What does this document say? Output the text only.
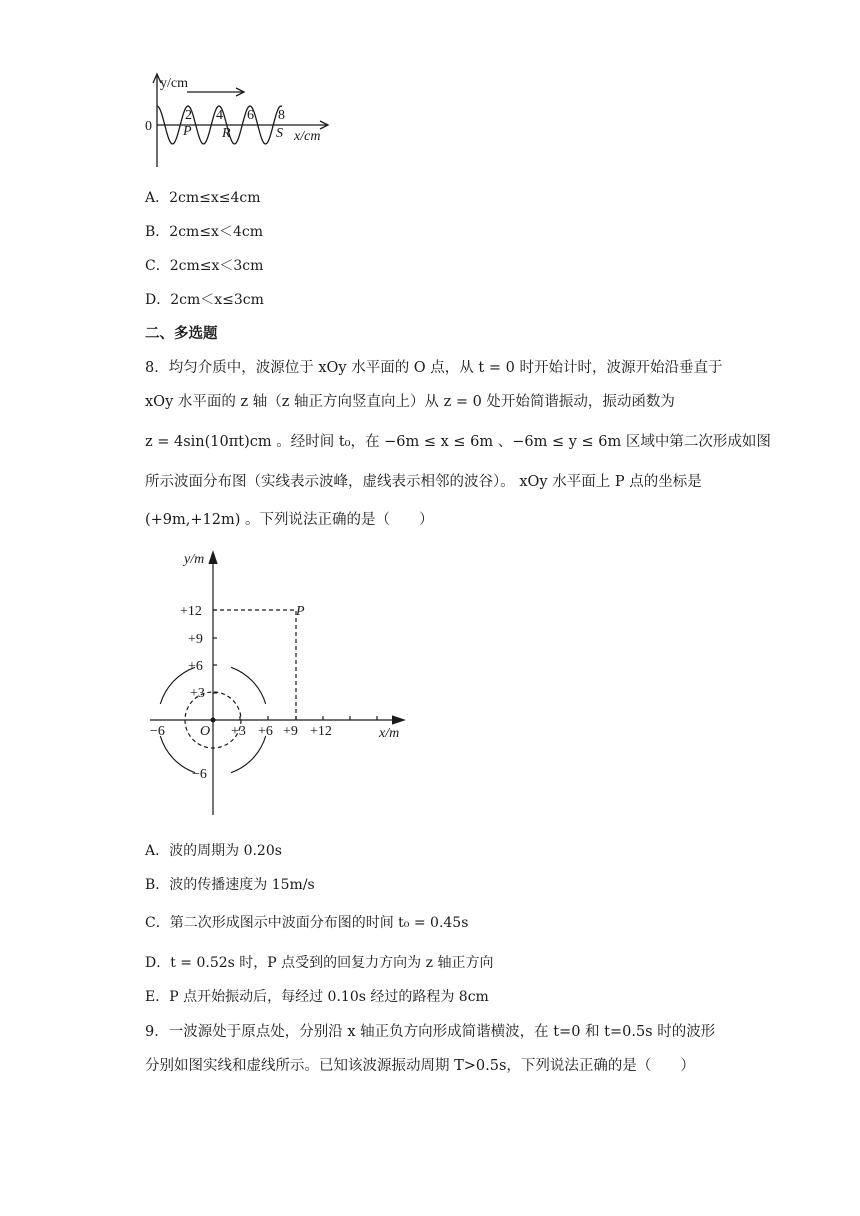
y/cm
x/cm
0
2 4 6 8
P R	S
A．2cm≤x≤4cm
B．2cm≤x＜4cm
C．2cm≤x＜3cm
D．2cm＜x≤3cm
二、多选题
8．均匀介质中，波源位于 xOy 水平面的 O 点，从 t = 0 时开始计时，波源开始沿垂直于
xOy 水平面的 z 轴（z 轴正方向竖直向上）从 z = 0 处开始简谐振动，振动函数为
z = 4sin(10πt)cm 。经时间 t₀，在 −6m ≤ x ≤ 6m 、−6m ≤ y ≤ 6m 区域中第二次形成如图
所示波面分布图（实线表示波峰，虚线表示相邻的波谷）。 xOy 水平面上 P 点的坐标是
(+9m,+12m) 。下列说法正确的是（　　）
y/m
x/m
O
+12
+9
+6
+3
−6
−6	+3 +6 +9 +12
P
A．波的周期为 0.20s
B．波的传播速度为 15m/s
C．第二次形成图示中波面分布图的时间 t₀ = 0.45s
D．t = 0.52s 时，P 点受到的回复力方向为 z 轴正方向
E．P 点开始振动后，每经过 0.10s 经过的路程为 8cm
9．一波源处于原点处，分别沿 x 轴正负方向形成简谐横波，在 t=0 和 t=0.5s 时的波形
分别如图实线和虚线所示。已知该波源振动周期 T>0.5s，下列说法正确的是（　　）
